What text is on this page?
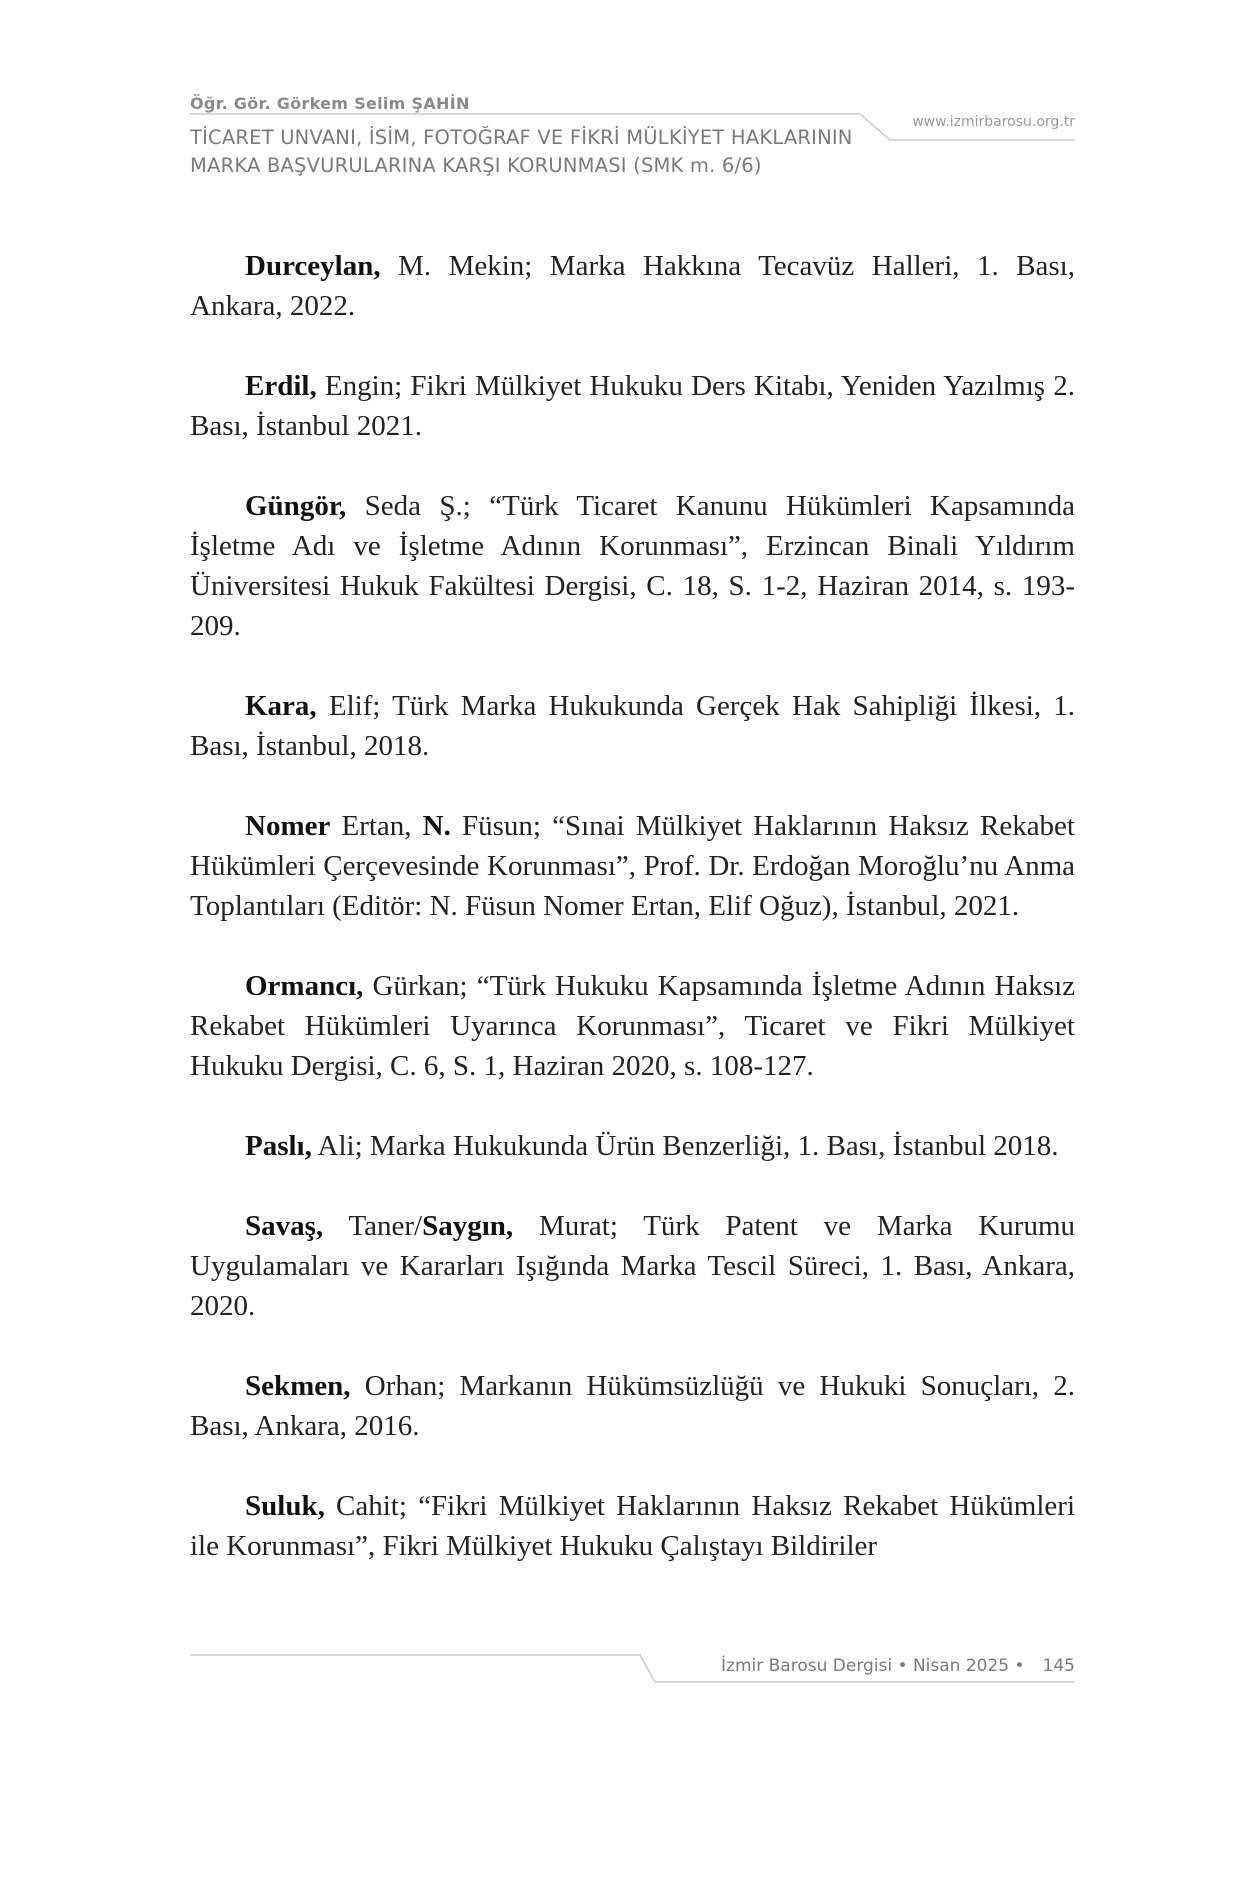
Öğr. Gör. Görkem Selim ŞAHİN
TİCARET UNVANI, İSİM, FOTOĞRAF VE FİKRİ MÜLKİYET HAKLARININ
MARKA BAŞVURULARINA KARŞI KORUNMASI (SMK m. 6/6)
www.izmirbarosu.org.tr

Durceylan, M. Mekin; Marka Hakkına Tecavüz Halleri, 1. Bası, Ankara, 2022.

Erdil, Engin; Fikri Mülkiyet Hukuku Ders Kitabı, Yeniden Yazılmış 2. Bası, İstanbul 2021.

Güngör, Seda Ş.; “Türk Ticaret Kanunu Hükümleri Kapsamında İşletme Adı ve İşletme Adının Korunması”, Erzincan Binali Yıldırım Üniversitesi Hukuk Fakültesi Dergisi, C. 18, S. 1-2, Haziran 2014, s. 193-209.

Kara, Elif; Türk Marka Hukukunda Gerçek Hak Sahipliği İlkesi, 1. Bası, İstanbul, 2018.

Nomer Ertan, N. Füsun; “Sınai Mülkiyet Haklarının Haksız Rekabet Hükümleri Çerçevesinde Korunması”, Prof. Dr. Erdoğan Moroğlu’nu Anma Toplantıları (Editör: N. Füsun Nomer Ertan, Elif Oğuz), İstanbul, 2021.

Ormancı, Gürkan; “Türk Hukuku Kapsamında İşletme Adının Haksız Rekabet Hükümleri Uyarınca Korunması”, Ticaret ve Fikri Mülkiyet Hukuku Dergisi, C. 6, S. 1, Haziran 2020, s. 108-127.

Paslı, Ali; Marka Hukukunda Ürün Benzerliği, 1. Bası, İstanbul 2018.

Savaş, Taner/Saygın, Murat; Türk Patent ve Marka Kurumu Uygulamaları ve Kararları Işığında Marka Tescil Süreci, 1. Bası, Ankara, 2020.

Sekmen, Orhan; Markanın Hükümsüzlüğü ve Hukuki Sonuçları, 2. Bası, Ankara, 2016.

Suluk, Cahit; “Fikri Mülkiyet Haklarının Haksız Rekabet Hükümleri ile Korunması”, Fikri Mülkiyet Hukuku Çalıştayı Bildiriler

İzmir Barosu Dergisi • Nisan 2025 • 145
